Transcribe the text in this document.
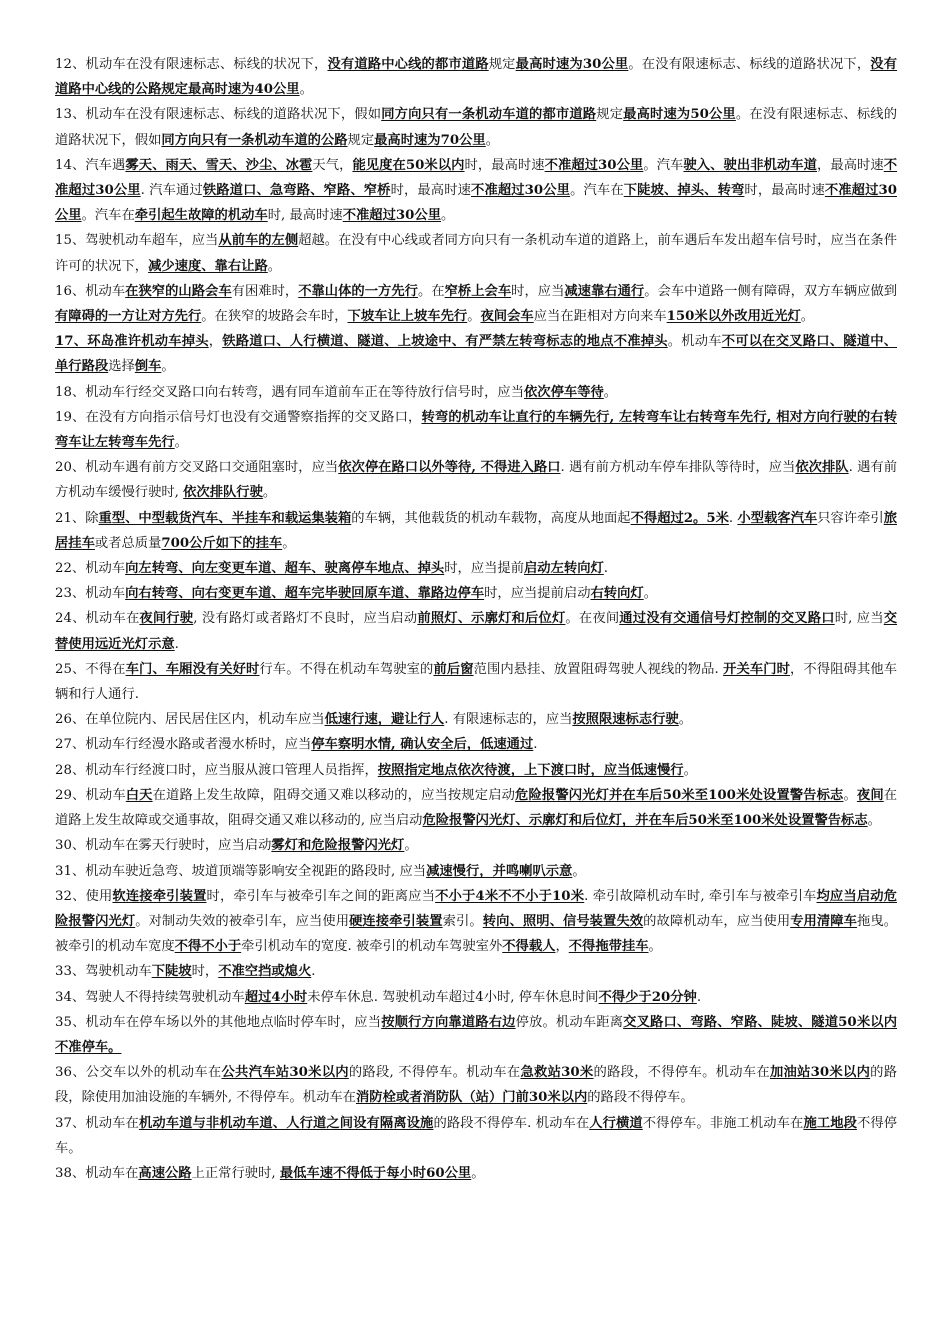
12、机动车在没有限速标志、标线的状况下，没有道路中心线的都市道路规定最高时速为30公里。在没有限速标志、标线的道路状况下，没有道路中心线的公路规定最高时速为40公里。

13、机动车在没有限速标志、标线的道路状况下，假如同方向只有一条机动车道的都市道路规定最高时速为50公里。在没有限速标志、标线的道路状况下，假如同方向只有一条机动车道的公路规定最高时速为70公里。

14、汽车遇雾天、雨天、雪天、沙尘、冰雹天气，能见度在50米以内时，最高时速不准超过30公里。汽车驶入、驶出非机动车道，最高时速不准超过30公里. 汽车通过铁路道口、急弯路、窄路、窄桥时，最高时速不准超过30公里。汽车在下陡坡、掉头、转弯时，最高时速不准超过30公里。汽车在牵引起生故障的机动车时, 最高时速不准超过30公里。

15、驾驶机动车超车，应当从前车的左侧超越。在没有中心线或者同方向只有一条机动车道的道路上，前车遇后车发出超车信号时，应当在条件许可的状况下，减少速度、靠右让路。

16、机动车在狭窄的山路会车有困难时，不靠山体的一方先行。在窄桥上会车时，应当减速靠右通行。会车中道路一侧有障碍，双方车辆应做到有障碍的一方让对方先行。在狭窄的坡路会车时，下坡车让上坡车先行。夜间会车应当在距相对方向来车150米以外改用近光灯。

17、环岛准许机动车掉头，铁路道口、人行横道、隧道、上坡途中、有严禁左转弯标志的地点不准掉头。机动车不可以在交叉路口、隧道中、单行路段选择倒车。

18、机动车行经交叉路口向右转弯，遇有同车道前车正在等待放行信号时，应当依次停车等待。

19、在没有方向指示信号灯也没有交通警察指挥的交叉路口，转弯的机动车让直行的车辆先行, 左转弯车让右转弯车先行, 相对方向行驶的右转弯车让左转弯车先行。

20、机动车遇有前方交叉路口交通阻塞时，应当依次停在路口以外等待, 不得进入路口. 遇有前方机动车停车排队等待时，应当依次排队. 遇有前方机动车缓慢行驶时, 依次排队行驶。

21、除重型、中型载货汽车、半挂车和载运集装箱的车辆，其他载货的机动车载物，高度从地面起不得超过2。5米. 小型载客汽车只容许牵引旅居挂车或者总质量700公斤如下的挂车。

22、机动车向左转弯、向左变更车道、超车、驶离停车地点、掉头时，应当提前启动左转向灯.

23、机动车向右转弯、向右变更车道、超车完毕驶回原车道、靠路边停车时，应当提前启动右转向灯。

24、机动车在夜间行驶, 没有路灯或者路灯不良时，应当启动前照灯、示廓灯和后位灯。在夜间通过没有交通信号灯控制的交叉路口时, 应当交替使用远近光灯示意.

25、不得在车门、车厢没有关好时行车。不得在机动车驾驶室的前后窗范围内悬挂、放置阻碍驾驶人视线的物品. 开关车门时，不得阻碍其他车辆和行人通行.

26、在单位院内、居民居住区内，机动车应当低速行速，避让行人. 有限速标志的，应当按照限速标志行驶。

27、机动车行经漫水路或者漫水桥时，应当停车察明水情, 确认安全后，低速通过.

28、机动车行经渡口时，应当服从渡口管理人员指挥，按照指定地点依次待渡，上下渡口时，应当低速慢行。

29、机动车白天在道路上发生故障，阻碍交通又难以移动的，应当按规定启动危险报警闪光灯并在车后50米至100米处设置警告标志。夜间在道路上发生故障或交通事故，阻碍交通又难以移动的, 应当启动危险报警闪光灯、示廓灯和后位灯，并在车后50米至100米处设置警告标志。

30、机动车在雾天行驶时，应当启动雾灯和危险报警闪光灯。

31、机动车驶近急弯、坡道顶端等影响安全视距的路段时, 应当减速慢行，并鸣喇叭示意。

32、使用软连接牵引装置时，牵引车与被牵引车之间的距离应当不小于4米不不小于10米. 牵引故障机动车时, 牵引车与被牵引车均应当启动危险报警闪光灯。对制动失效的被牵引车，应当使用硬连接牵引装置索引。转向、照明、信号装置失效的故障机动车，应当使用专用清障车拖曳。被牵引的机动车宽度不得不小于牵引机动车的宽度. 被牵引的机动车驾驶室外不得载人，不得拖带挂车。

33、驾驶机动车下陡坡时，不准空挡或熄火.

34、驾驶人不得持续驾驶机动车超过4小时未停车休息. 驾驶机动车超过4小时, 停车休息时间不得少于20分钟.

35、机动车在停车场以外的其他地点临时停车时，应当按顺行方向靠道路右边停放。机动车距离交叉路口、弯路、窄路、陡坡、隧道50米以内不准停车。

36、公交车以外的机动车在公共汽车站30米以内的路段, 不得停车。机动车在急救站30米的路段，不得停车。机动车在加油站30米以内的路段，除使用加油设施的车辆外, 不得停车。机动车在消防栓或者消防队（站）门前30米以内的路段不得停车。

37、机动车在机动车道与非机动车道、人行道之间设有隔离设施的路段不得停车. 机动车在人行横道不得停车。非施工机动车在施工地段不得停车。

38、机动车在高速公路上正常行驶时, 最低车速不得低于每小时60公里。
